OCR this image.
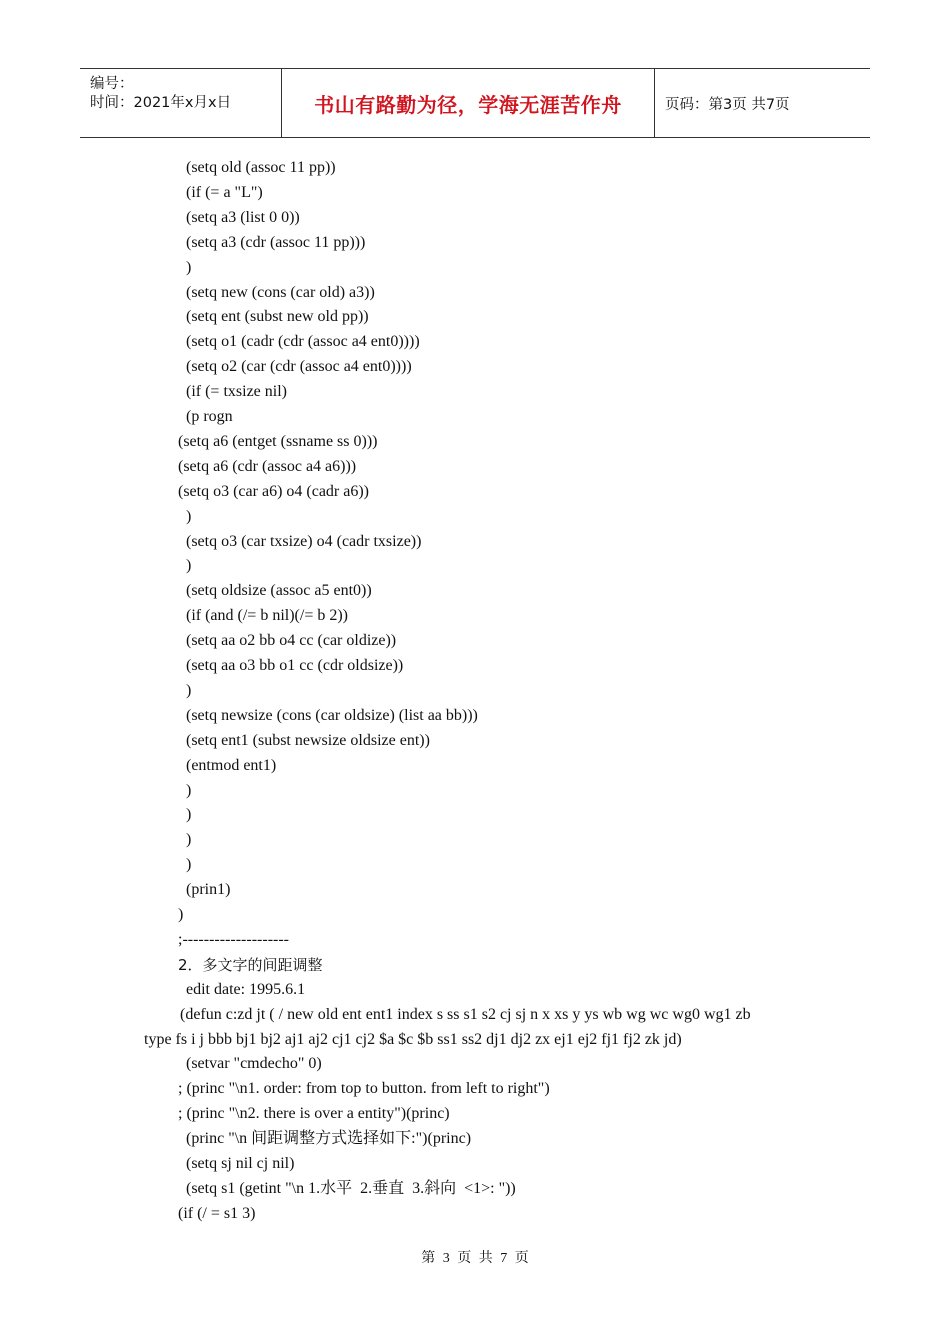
编号：
时间：2021年x月x日	书山有路勤为径，学海无涯苦作舟	页码：第3页 共7页
(setq old (assoc 11 pp))
(if (= a "L")
(setq a3 (list 0 0))
(setq a3 (cdr (assoc 11 pp)))
)
(setq new (cons (car old) a3))
(setq ent (subst new old pp))
(setq o1 (cadr (cdr (assoc a4 ent0))))
(setq o2 (car (cdr (assoc a4 ent0))))
(if (= txsize nil)
(p rogn
(setq a6 (entget (ssname ss 0)))
(setq a6 (cdr (assoc a4 a6)))
(setq o3 (car a6) o4 (cadr a6))
)
(setq o3 (car txsize) o4 (cadr txsize))
)
(setq oldsize (assoc a5 ent0))
(if (and (/= b nil)(/= b 2))
(setq aa o2 bb o4 cc (car oldize))
(setq aa o3 bb o1 cc (cdr oldsize))
)
(setq newsize (cons (car oldsize) (list aa bb)))
(setq ent1 (subst newsize oldsize ent))
(entmod ent1)
)
)
)
)
(prin1)
)
;--------------------
2．多文字的间距调整
edit date: 1995.6.1
(defun c:zd jt ( / new old ent ent1 index s ss s1 s2 cj sj n x xs y ys wb wg wc wg0 wg1 zb
type fs i j bbb bj1 bj2 aj1 aj2 cj1 cj2 $a $c $b ss1 ss2 dj1 dj2 zx ej1 ej2 fj1 fj2 zk jd)
(setvar "cmdecho" 0)
; (princ "\n1. order: from top to button. from left to right")
; (princ "\n2. there is over a entity")(princ)
(princ "\n 间距调整方式选择如下:")(princ)
(setq sj nil cj nil)
(setq s1 (getint "\n 1.水平  2.垂直  3.斜向  <1>: "))
(if (/ = s1 3)
第 3 页 共 7 页
